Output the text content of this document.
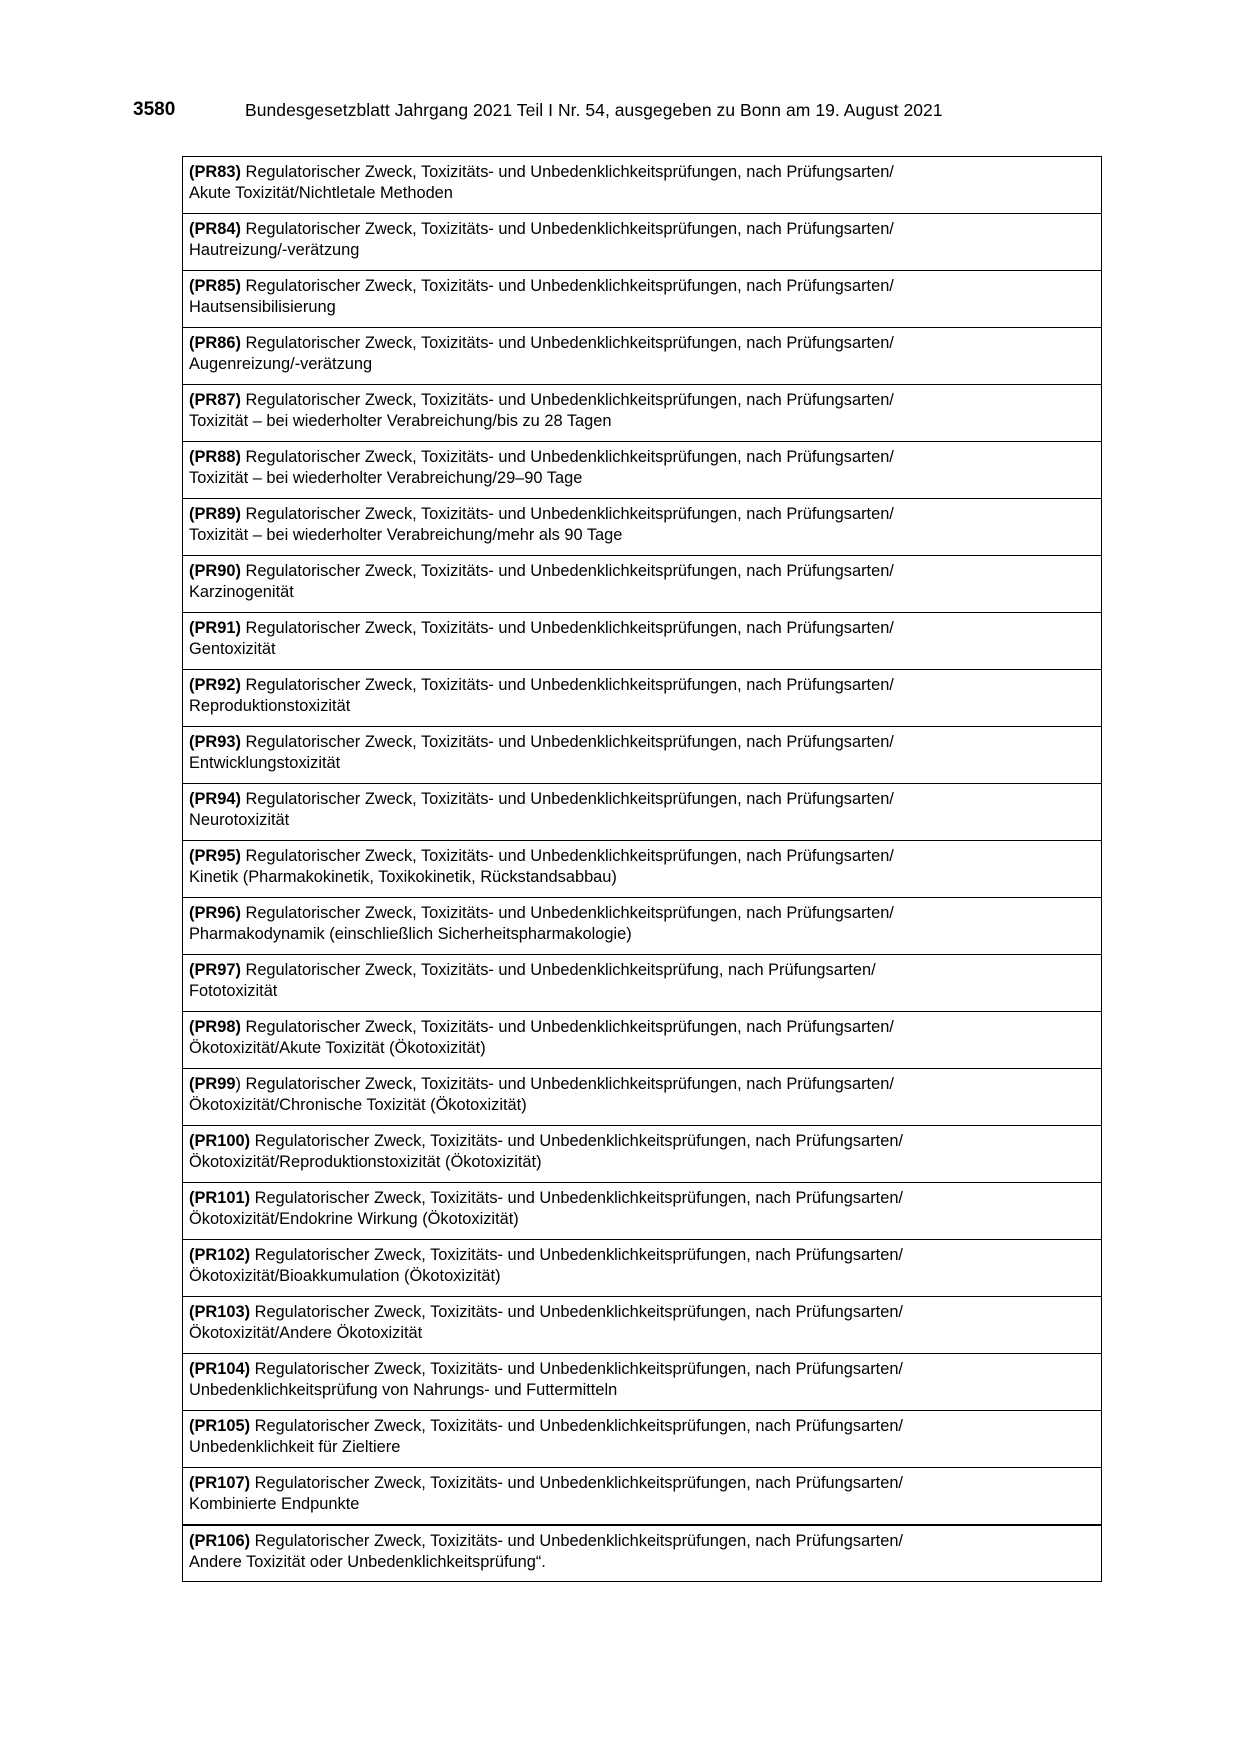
3580	Bundesgesetzblatt Jahrgang 2021 Teil I Nr. 54, ausgegeben zu Bonn am 19. August 2021
(PR83) Regulatorischer Zweck, Toxizitäts- und Unbedenklichkeitsprüfungen, nach Prüfungsarten/
Akute Toxizität/Nichtletale Methoden

(PR84) Regulatorischer Zweck, Toxizitäts- und Unbedenklichkeitsprüfungen, nach Prüfungsarten/
Hautreizung/-verätzung

(PR85) Regulatorischer Zweck, Toxizitäts- und Unbedenklichkeitsprüfungen, nach Prüfungsarten/
Hautsensibilisierung

(PR86) Regulatorischer Zweck, Toxizitäts- und Unbedenklichkeitsprüfungen, nach Prüfungsarten/
Augenreizung/-verätzung

(PR87) Regulatorischer Zweck, Toxizitäts- und Unbedenklichkeitsprüfungen, nach Prüfungsarten/
Toxizität – bei wiederholter Verabreichung/bis zu 28 Tagen

(PR88) Regulatorischer Zweck, Toxizitäts- und Unbedenklichkeitsprüfungen, nach Prüfungsarten/
Toxizität – bei wiederholter Verabreichung/29–90 Tage

(PR89) Regulatorischer Zweck, Toxizitäts- und Unbedenklichkeitsprüfungen, nach Prüfungsarten/
Toxizität – bei wiederholter Verabreichung/mehr als 90 Tage

(PR90) Regulatorischer Zweck, Toxizitäts- und Unbedenklichkeitsprüfungen, nach Prüfungsarten/
Karzinogenität

(PR91) Regulatorischer Zweck, Toxizitäts- und Unbedenklichkeitsprüfungen, nach Prüfungsarten/
Gentoxizität

(PR92) Regulatorischer Zweck, Toxizitäts- und Unbedenklichkeitsprüfungen, nach Prüfungsarten/
Reproduktionstoxizität

(PR93) Regulatorischer Zweck, Toxizitäts- und Unbedenklichkeitsprüfungen, nach Prüfungsarten/
Entwicklungstoxizität

(PR94) Regulatorischer Zweck, Toxizitäts- und Unbedenklichkeitsprüfungen, nach Prüfungsarten/
Neurotoxizität

(PR95) Regulatorischer Zweck, Toxizitäts- und Unbedenklichkeitsprüfungen, nach Prüfungsarten/
Kinetik (Pharmakokinetik, Toxikokinetik, Rückstandsabbau)

(PR96) Regulatorischer Zweck, Toxizitäts- und Unbedenklichkeitsprüfungen, nach Prüfungsarten/
Pharmakodynamik (einschließlich Sicherheitspharmakologie)

(PR97) Regulatorischer Zweck, Toxizitäts- und Unbedenklichkeitsprüfung, nach Prüfungsarten/
Fototoxizität

(PR98) Regulatorischer Zweck, Toxizitäts- und Unbedenklichkeitsprüfungen, nach Prüfungsarten/
Ökotoxizität/Akute Toxizität (Ökotoxizität)

(PR99) Regulatorischer Zweck, Toxizitäts- und Unbedenklichkeitsprüfungen, nach Prüfungsarten/
Ökotoxizität/Chronische Toxizität (Ökotoxizität)

(PR100) Regulatorischer Zweck, Toxizitäts- und Unbedenklichkeitsprüfungen, nach Prüfungsarten/
Ökotoxizität/Reproduktionstoxizität (Ökotoxizität)

(PR101) Regulatorischer Zweck, Toxizitäts- und Unbedenklichkeitsprüfungen, nach Prüfungsarten/
Ökotoxizität/Endokrine Wirkung (Ökotoxizität)

(PR102) Regulatorischer Zweck, Toxizitäts- und Unbedenklichkeitsprüfungen, nach Prüfungsarten/
Ökotoxizität/Bioakkumulation (Ökotoxizität)

(PR103) Regulatorischer Zweck, Toxizitäts- und Unbedenklichkeitsprüfungen, nach Prüfungsarten/
Ökotoxizität/Andere Ökotoxizität

(PR104) Regulatorischer Zweck, Toxizitäts- und Unbedenklichkeitsprüfungen, nach Prüfungsarten/
Unbedenklichkeitsprüfung von Nahrungs- und Futtermitteln

(PR105) Regulatorischer Zweck, Toxizitäts- und Unbedenklichkeitsprüfungen, nach Prüfungsarten/
Unbedenklichkeit für Zieltiere

(PR107) Regulatorischer Zweck, Toxizitäts- und Unbedenklichkeitsprüfungen, nach Prüfungsarten/
Kombinierte Endpunkte

(PR106) Regulatorischer Zweck, Toxizitäts- und Unbedenklichkeitsprüfungen, nach Prüfungsarten/
Andere Toxizität oder Unbedenklichkeitsprüfung“.
